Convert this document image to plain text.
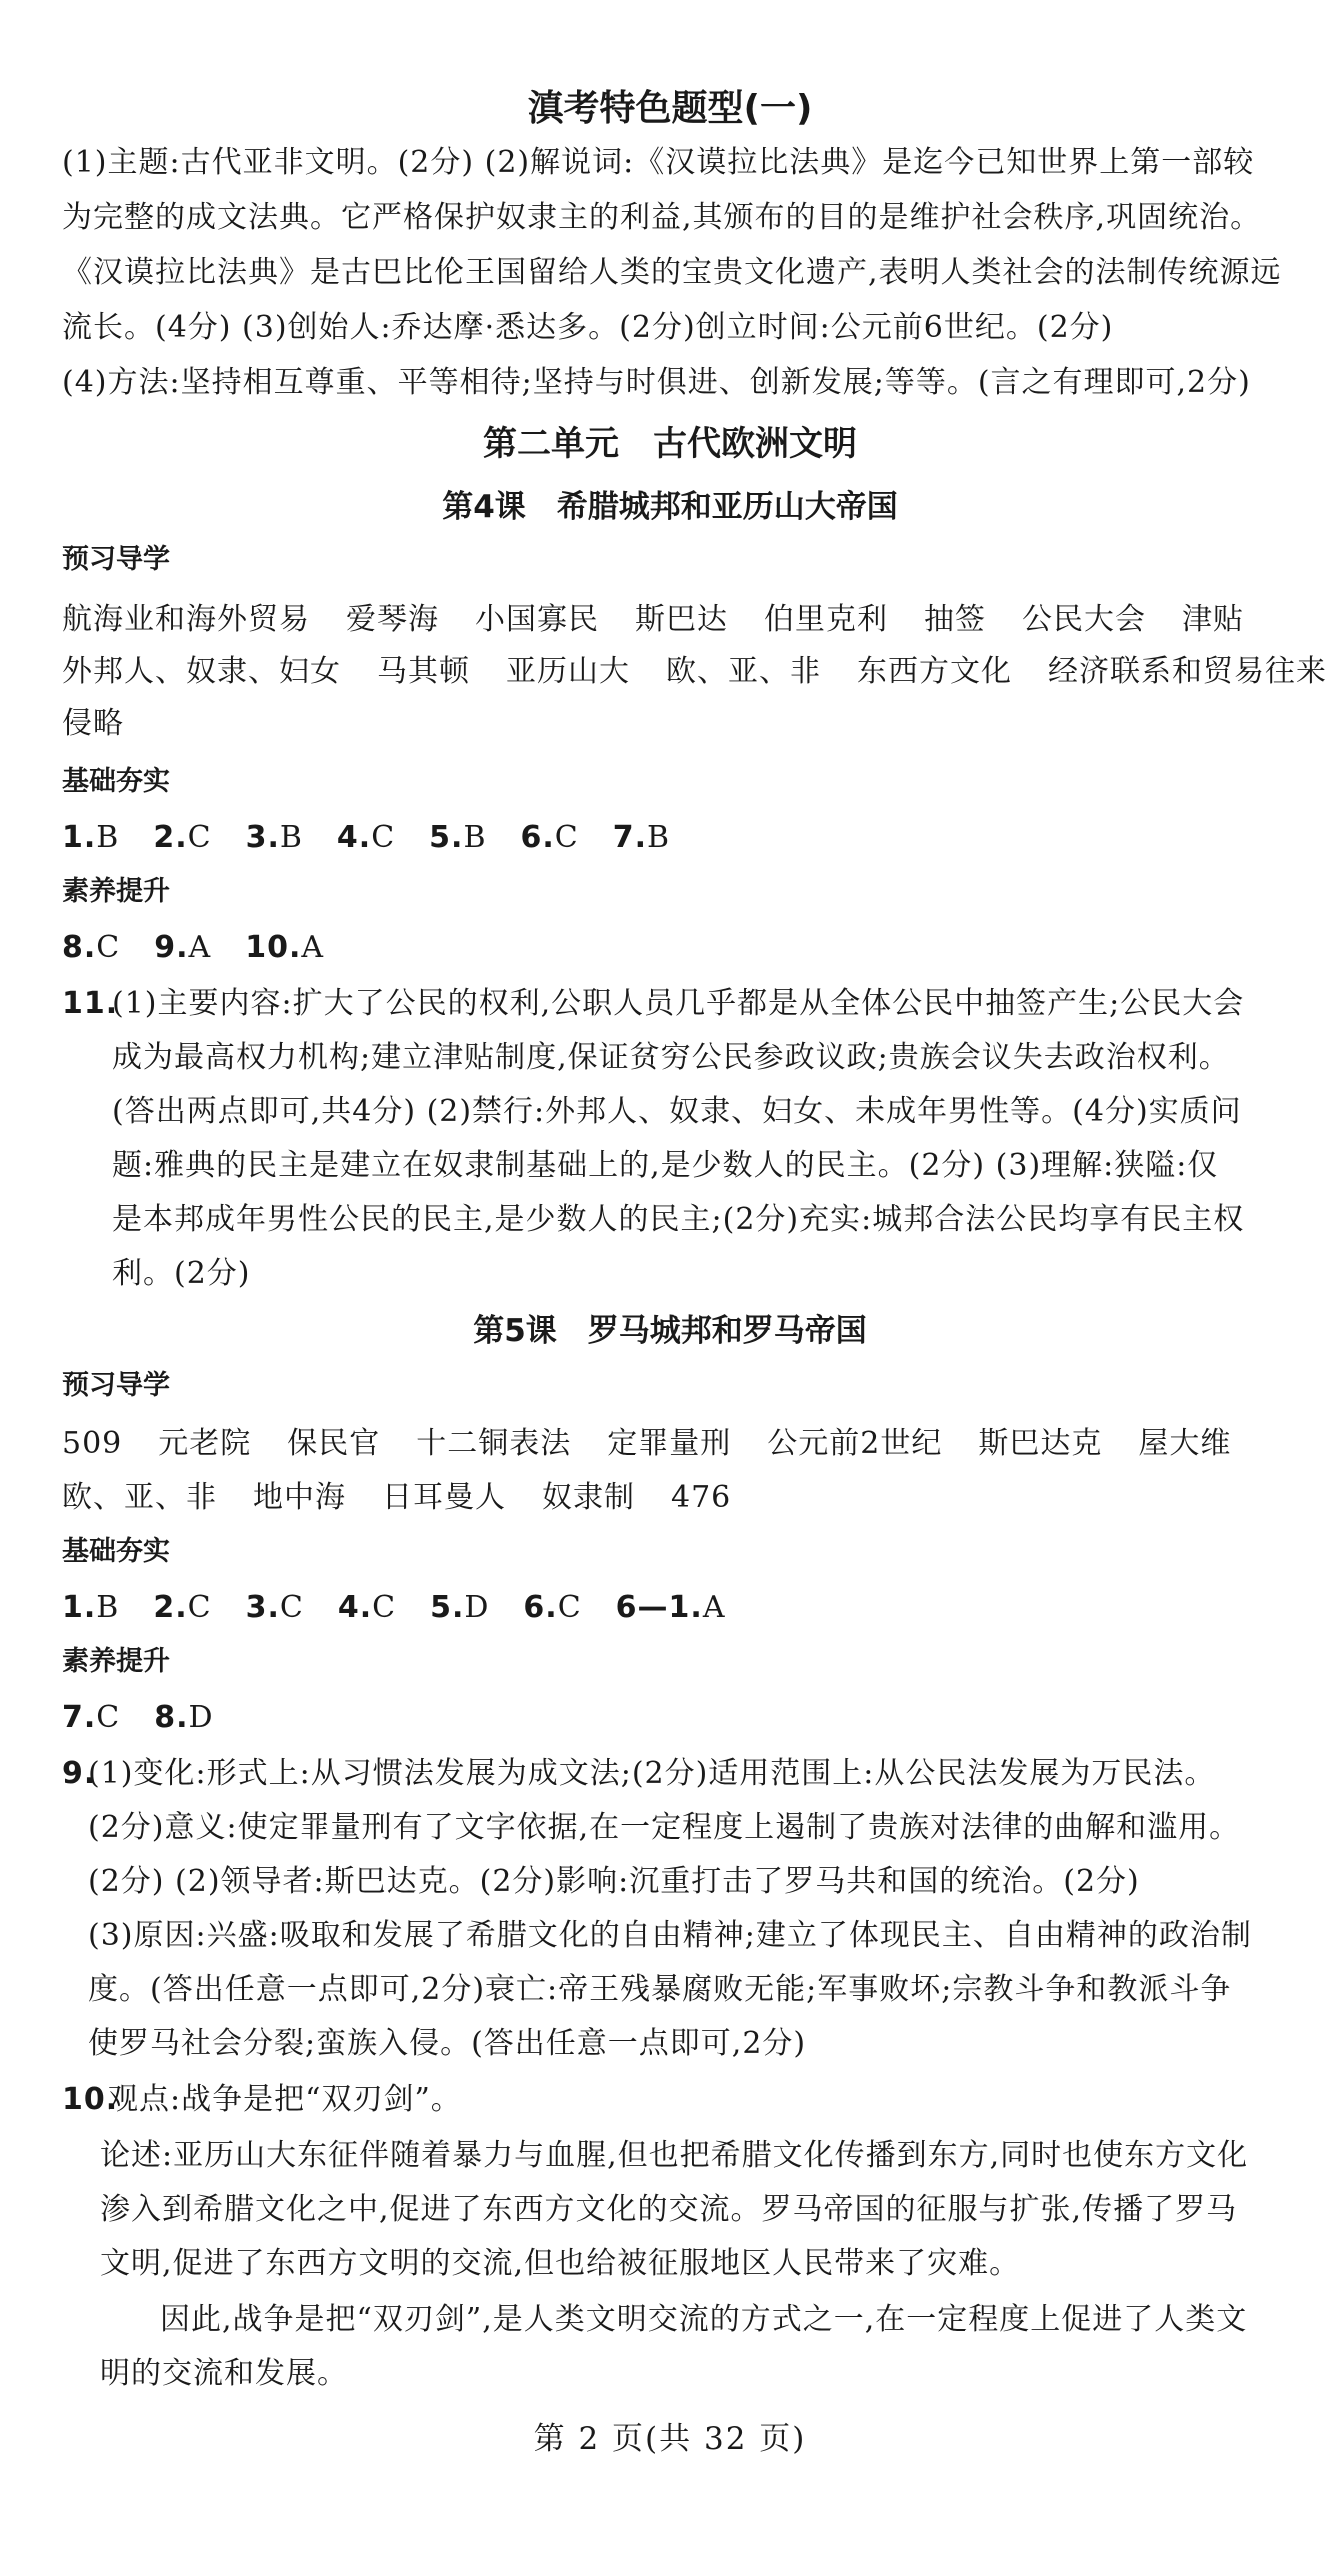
滇考特色题型(一)
(1)主题:古代亚非文明。(2分) (2)解说词:《汉谟拉比法典》是迄今已知世界上第一部较
为完整的成文法典。它严格保护奴隶主的利益,其颁布的目的是维护社会秩序,巩固统治。
《汉谟拉比法典》是古巴比伦王国留给人类的宝贵文化遗产,表明人类社会的法制传统源远
流长。(4分) (3)创始人:乔达摩·悉达多。(2分)创立时间:公元前6世纪。(2分)
(4)方法:坚持相互尊重、平等相待;坚持与时俱进、创新发展;等等。(言之有理即可,2分)
第二单元　古代欧洲文明
第4课　希腊城邦和亚历山大帝国
预习导学
航海业和海外贸易 爱琴海 小国寡民 斯巴达 伯里克利 抽签 公民大会 津贴
外邦人、奴隶、妇女 马其顿 亚历山大 欧、亚、非 东西方文化 经济联系和贸易往来
侵略
基础夯实
1.B 2.C 3.B 4.C 5.B 6.C 7.B
素养提升
8.C 9.A 10.A
11.
(1)主要内容:扩大了公民的权利,公职人员几乎都是从全体公民中抽签产生;公民大会
成为最高权力机构;建立津贴制度,保证贫穷公民参政议政;贵族会议失去政治权利。
(答出两点即可,共4分) (2)禁行:外邦人、奴隶、妇女、未成年男性等。(4分)实质问
题:雅典的民主是建立在奴隶制基础上的,是少数人的民主。(2分) (3)理解:狭隘:仅
是本邦成年男性公民的民主,是少数人的民主;(2分)充实:城邦合法公民均享有民主权
利。(2分)
第5课　罗马城邦和罗马帝国
预习导学
509 元老院 保民官 十二铜表法 定罪量刑 公元前2世纪 斯巴达克 屋大维
欧、亚、非 地中海 日耳曼人 奴隶制 476
基础夯实
1.B 2.C 3.C 4.C 5.D 6.C 6—1.A
素养提升
7.C 8.D
9.
(1)变化:形式上:从习惯法发展为成文法;(2分)适用范围上:从公民法发展为万民法。
(2分)意义:使定罪量刑有了文字依据,在一定程度上遏制了贵族对法律的曲解和滥用。
(2分) (2)领导者:斯巴达克。(2分)影响:沉重打击了罗马共和国的统治。(2分)
(3)原因:兴盛:吸取和发展了希腊文化的自由精神;建立了体现民主、自由精神的政治制
度。(答出任意一点即可,2分)衰亡:帝王残暴腐败无能;军事败坏;宗教斗争和教派斗争
使罗马社会分裂;蛮族入侵。(答出任意一点即可,2分)
10.
观点:战争是把“双刃剑”。
论述:亚历山大东征伴随着暴力与血腥,但也把希腊文化传播到东方,同时也使东方文化
渗入到希腊文化之中,促进了东西方文化的交流。罗马帝国的征服与扩张,传播了罗马
文明,促进了东西方文明的交流,但也给被征服地区人民带来了灾难。
因此,战争是把“双刃剑”,是人类文明交流的方式之一,在一定程度上促进了人类文
明的交流和发展。
第 2 页(共 32 页)
